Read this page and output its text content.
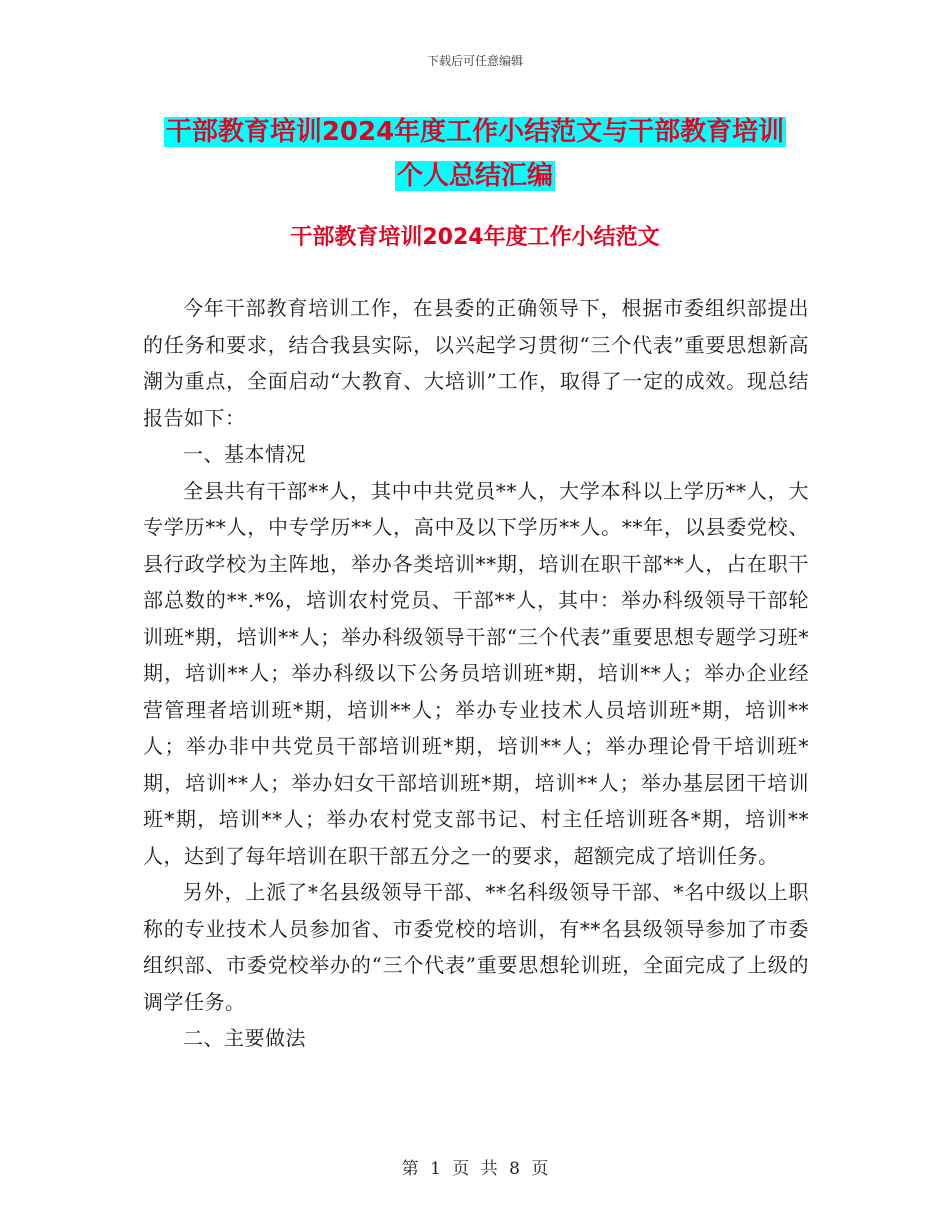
下载后可任意编辑
干部教育培训2024年度工作小结范文与干部教育培训
个人总结汇编
干部教育培训2024年度工作小结范文

今年干部教育培训工作，在县委的正确领导下，根据市委组织部提出的任务和要求，结合我县实际，以兴起学习贯彻“三个代表”重要思想新高潮为重点，全面启动“大教育、大培训”工作，取得了一定的成效。现总结报告如下：

一、基本情况

全县共有干部**人，其中中共党员**人，大学本科以上学历**人，大专学历**人，中专学历**人，高中及以下学历**人。**年，以县委党校、县行政学校为主阵地，举办各类培训**期，培训在职干部**人，占在职干部总数的**.*%，培训农村党员、干部**人，其中：举办科级领导干部轮训班*期，培训**人；举办科级领导干部“三个代表”重要思想专题学习班*期，培训**人；举办科级以下公务员培训班*期，培训**人；举办企业经营管理者培训班*期，培训**人；举办专业技术人员培训班*期，培训**人；举办非中共党员干部培训班*期，培训**人；举办理论骨干培训班*期，培训**人；举办妇女干部培训班*期，培训**人；举办基层团干培训班*期，培训**人；举办农村党支部书记、村主任培训班各*期，培训**人，达到了每年培训在职干部五分之一的要求，超额完成了培训任务。

另外，上派了*名县级领导干部、**名科级领导干部、*名中级以上职称的专业技术人员参加省、市委党校的培训，有**名县级领导参加了市委组织部、市委党校举办的“三个代表”重要思想轮训班，全面完成了上级的调学任务。

二、主要做法

第 1 页 共 8 页
